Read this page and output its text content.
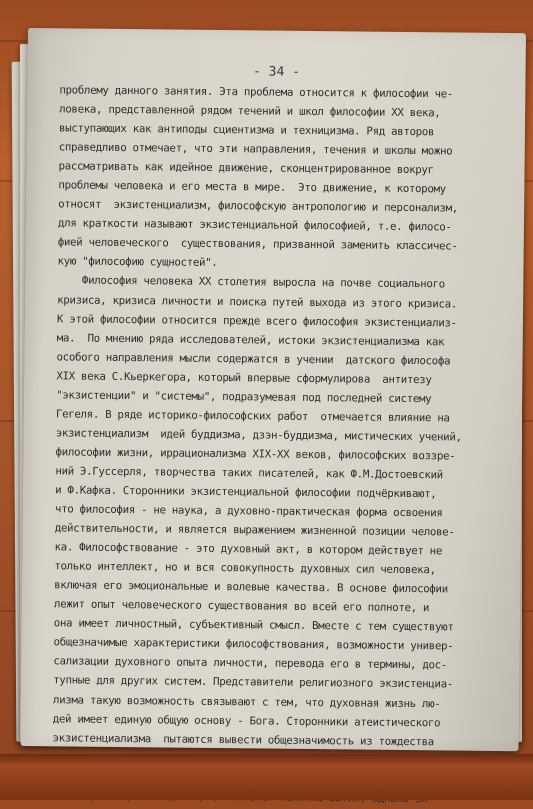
- 34 -
проблему данного занятия. Эта проблема относится к философии че-
ловека, представленной рядом течений и школ философии XX века,
выступающих как антиподы сциентизма и техницизма. Ряд авторов
справедливо отмечает, что эти направления, течения и школы можно
рассматривать как идейное движение, сконцентрированное вокруг
проблемы человека и его места в мире.  Это движение, к которому
относят  экзистенциализм, философскую антропологию и персонализм,
для краткости называют экзистенциальной философией, т.е. филосо-
фией человеческого  существования, призванной заменить классичес-
кую "философию сущностей".
Философия человека XX столетия выросла на почве социального
кризиса, кризиса личности и поиска путей выхода из этого кризиса.
К этой философии относится прежде всего философия экзистенциализ-
ма.  По мнению ряда исследователей, истоки экзистенциализма как
особого направления мысли содержатся в учении  датского философа
XIX века С.Кьеркегора, который впервые сформулирова  антитезу
"экзистенции" и "системы", подразумевая под последней систему
Гегеля. В ряде историко-философских работ  отмечается влияние на
экзистенциализм  идей буддизма, дзэн-буддизма, мистических учений,
философии жизни, иррационализма XIX-XX веков, философских воззре-
ний Э.Гуссерля, творчества таких писателей, как Ф.М.Достоевский
и Ф.Кафка. Сторонники экзистенциальной философии подчёркивают,
что философия - не наука, а духовно-практическая форма освоения
действительности, и является выражением жизненной позиции челове-
ка. Философствование - это духовный акт, в котором действует не
только интеллект, но и вся совокупность духовных сил человека,
включая его эмоциональные и волевые качества. В основе философии
лежит опыт человеческого существования во всей его полноте, и
она имеет личностный, субъективный смысл. Вместе с тем существуют
общезначимые характеристики философствования, возможности универ-
сализации духовного опыта личности, перевода его в термины, дос-
тупные для других систем. Представители религиозного экзистенциа-
лизма такую возможность связывают с тем, что духовная жизнь лю-
дей имеет единую общую основу - Бога. Сторонники атеистического
экзистенциализма  пытаются вывести общезначимость из тождества
